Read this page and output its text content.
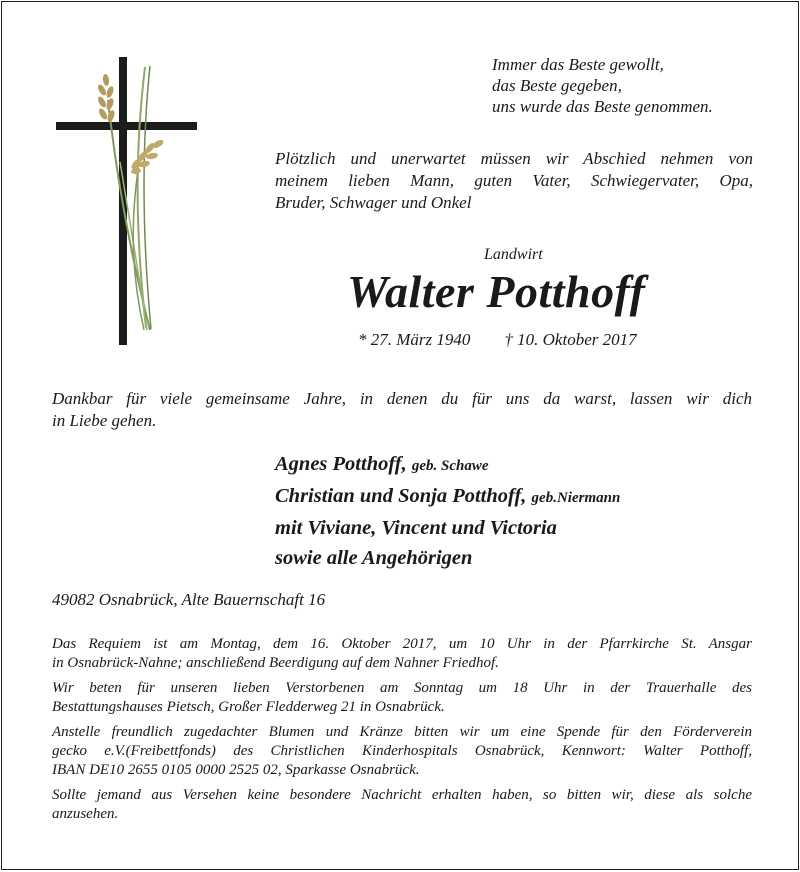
Immer das Beste gewollt,
das Beste gegeben,
uns wurde das Beste genommen.
Plötzlich und unerwartet müssen wir Abschied nehmen von
meinem lieben Mann, guten Vater, Schwiegervater, Opa,
Bruder, Schwager und Onkel
Landwirt
Walter Potthoff
* 27. März 1940 † 10. Oktober 2017
Dankbar für viele gemeinsame Jahre, in denen du für uns da warst, lassen wir dich
in Liebe gehen.
Agnes Potthoff, geb. Schawe
Christian und Sonja Potthoff, geb.Niermann
mit Viviane, Vincent und Victoria
sowie alle Angehörigen
49082 Osnabrück, Alte Bauernschaft 16
Das Requiem ist am Montag, dem 16. Oktober 2017, um 10 Uhr in der Pfarrkirche St. Ansgar
in Osnabrück-Nahne; anschließend Beerdigung auf dem Nahner Friedhof.
Wir beten für unseren lieben Verstorbenen am Sonntag um 18 Uhr in der Trauerhalle des
Bestattungshauses Pietsch, Großer Fledderweg 21 in Osnabrück.
Anstelle freundlich zugedachter Blumen und Kränze bitten wir um eine Spende für den Förderverein
gecko e.V.(Freibettfonds) des Christlichen Kinderhospitals Osnabrück, Kennwort: Walter Potthoff,
IBAN DE10 2655 0105 0000 2525 02, Sparkasse Osnabrück.
Sollte jemand aus Versehen keine besondere Nachricht erhalten haben, so bitten wir, diese als solche
anzusehen.
